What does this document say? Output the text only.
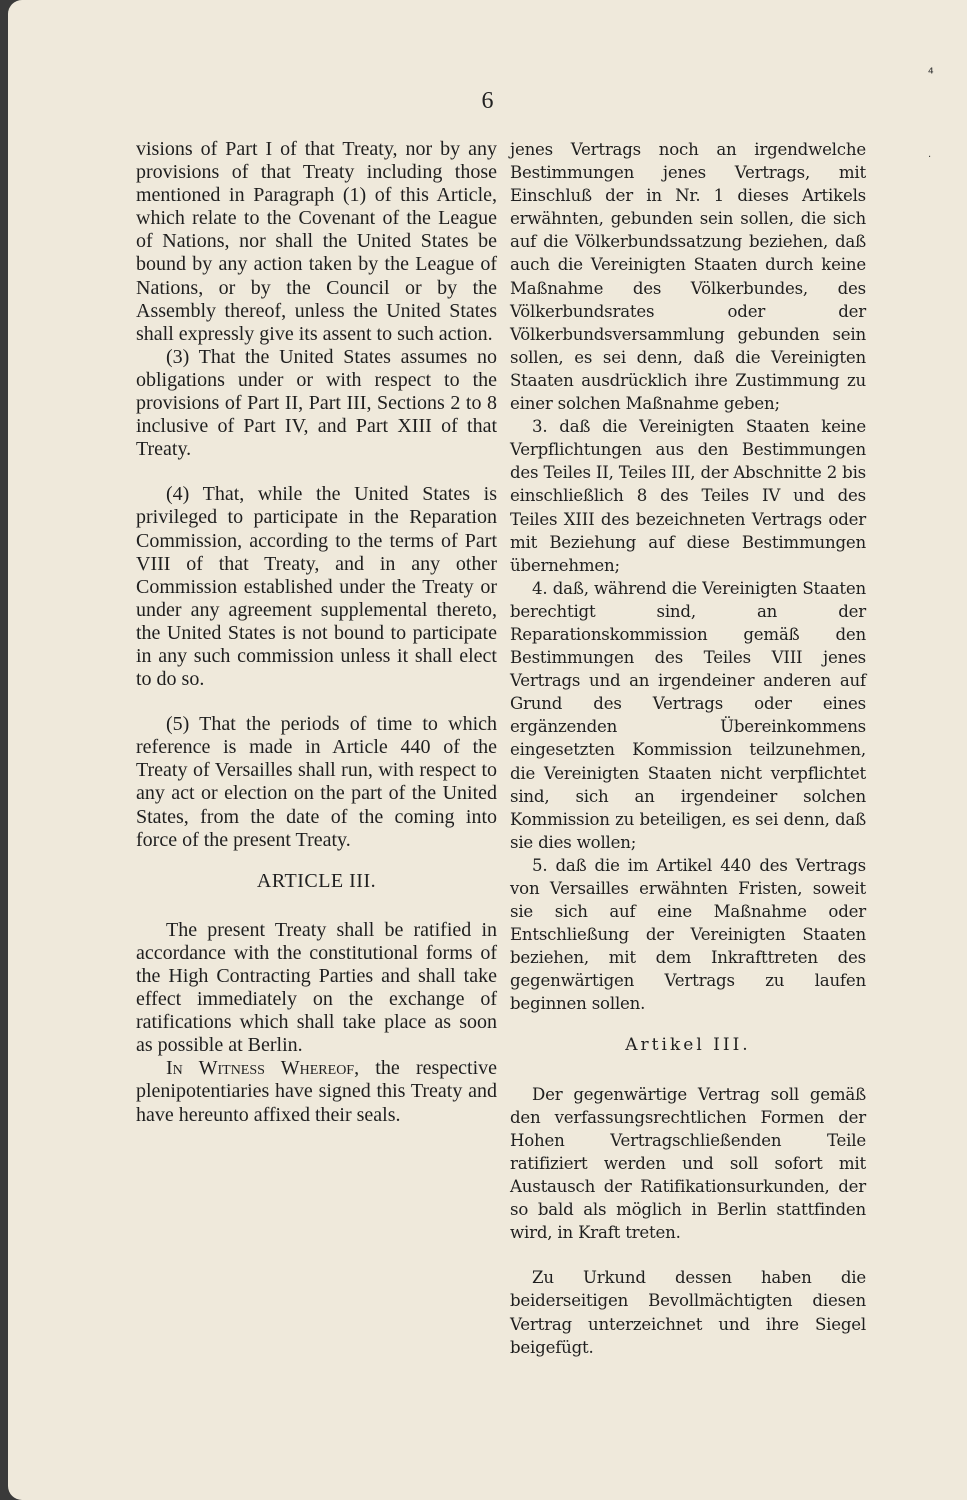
6
⁴
·

visions of Part I of that Treaty, nor by any provisions of that Treaty including those mentioned in Paragraph (1) of this Article, which relate to the Covenant of the League of Nations, nor shall the United States be bound by any action taken by the League of Nations, or by the Council or by the Assembly thereof, unless the United States shall expressly give its assent to such action.

(3) That the United States assumes no obligations under or with respect to the provisions of Part II, Part III, Sections 2 to 8 inclusive of Part IV, and Part XIII of that Treaty.

(4) That, while the United States is privileged to participate in the Reparation Commission, according to the terms of Part VIII of that Treaty, and in any other Commission established under the Treaty or under any agreement supplemental thereto, the United States is not bound to participate in any such commission unless it shall elect to do so.

(5) That the periods of time to which reference is made in Article 440 of the Treaty of Versailles shall run, with respect to any act or election on the part of the United States, from the date of the coming into force of the present Treaty.

ARTICLE III.

The present Treaty shall be ratified in accordance with the constitutional forms of the High Contracting Parties and shall take effect immediately on the exchange of ratifications which shall take place as soon as possible at Berlin.

In Witness Whereof, the respective plenipotentiaries have signed this Treaty and have hereunto affixed their seals.

jenes Vertrags noch an irgendwelche Bestimmungen jenes Vertrags, mit Einschluß der in Nr. 1 dieses Artikels erwähnten, gebunden sein sollen, die sich auf die Völkerbundssatzung beziehen, daß auch die Vereinigten Staaten durch keine Maßnahme des Völkerbundes, des Völkerbundsrates oder der Völkerbundsversammlung gebunden sein sollen, es sei denn, daß die Vereinigten Staaten ausdrücklich ihre Zustimmung zu einer solchen Maßnahme geben;

3. daß die Vereinigten Staaten keine Verpflichtungen aus den Bestimmungen des Teiles II, Teiles III, der Abschnitte 2 bis einschließlich 8 des Teiles IV und des Teiles XIII des bezeichneten Vertrags oder mit Beziehung auf diese Bestimmungen übernehmen;

4. daß, während die Vereinigten Staaten berechtigt sind, an der Reparationskommission gemäß den Bestimmungen des Teiles VIII jenes Vertrags und an irgendeiner anderen auf Grund des Vertrags oder eines ergänzenden Übereinkommens eingesetzten Kommission teilzunehmen, die Vereinigten Staaten nicht verpflichtet sind, sich an irgendeiner solchen Kommission zu beteiligen, es sei denn, daß sie dies wollen;

5. daß die im Artikel 440 des Vertrags von Versailles erwähnten Fristen, soweit sie sich auf eine Maßnahme oder Entschließung der Vereinigten Staaten beziehen, mit dem Inkrafttreten des gegenwärtigen Vertrags zu laufen beginnen sollen.

Artikel III.

Der gegenwärtige Vertrag soll gemäß den verfassungsrechtlichen Formen der Hohen Vertragschließenden Teile ratifiziert werden und soll sofort mit Austausch der Ratifikationsurkunden, der so bald als möglich in Berlin stattfinden wird, in Kraft treten.

Zu Urkund dessen haben die beiderseitigen Bevollmächtigten diesen Vertrag unterzeichnet und ihre Siegel beigefügt.
